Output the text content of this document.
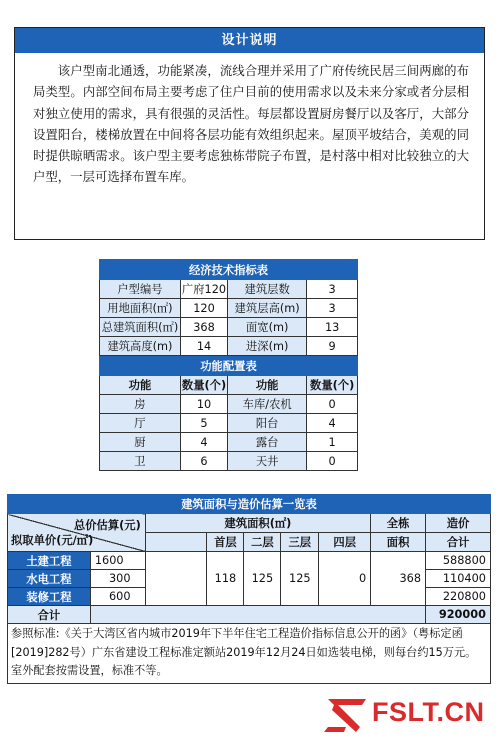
设计说明

该户型南北通透，功能紧凑，流线合理并采用了广府传统民居三间两廊的布局类型。内部空间布局主要考虑了住户目前的使用需求以及未来分家或者分层相对独立使用的需求，具有很强的灵活性。每层都设置厨房餐厅以及客厅，大部分设置阳台，楼梯放置在中间将各层功能有效组织起来。屋顶平坡结合，美观的同时提供晾晒需求。该户型主要考虑独栋带院子布置，是村落中相对比较独立的大户型，一层可选择布置车库。

经济技术指标表			
户型编号	广府120	建筑层数	3
用地面积(㎡)	120	建筑层高(m)	3
总建筑面积(㎡)	368	面宽(m)	13
建筑高度(m)	14	进深(m)	9
功能配置表			
功能	数量(个)	功能	数量(个)
房	10	车库/农机	0
厅	5	阳台	4
厨	4	露台	1
卫	6	天井	0
建筑面积与造价估算一览表								

总价估算(元)
拟取单价(元/㎡)		建筑面积(㎡)					全栋	造价
			首层	二层	三层	四层	面积	合计
土建工程	1600		118	125	125	0	368	588800
水电工程	300							110400
装修工程	600							220800
合计								920000
参照标准:《关于大湾区省内城市2019年下半年住宅工程造价指标信息公开的函》（粤标定函[2019]282号）广东省建设工程标准定额站2019年12月24日如选装电梯，则每台约15万元。室外配套按需设置，标准不等。								
FSLT.CN
